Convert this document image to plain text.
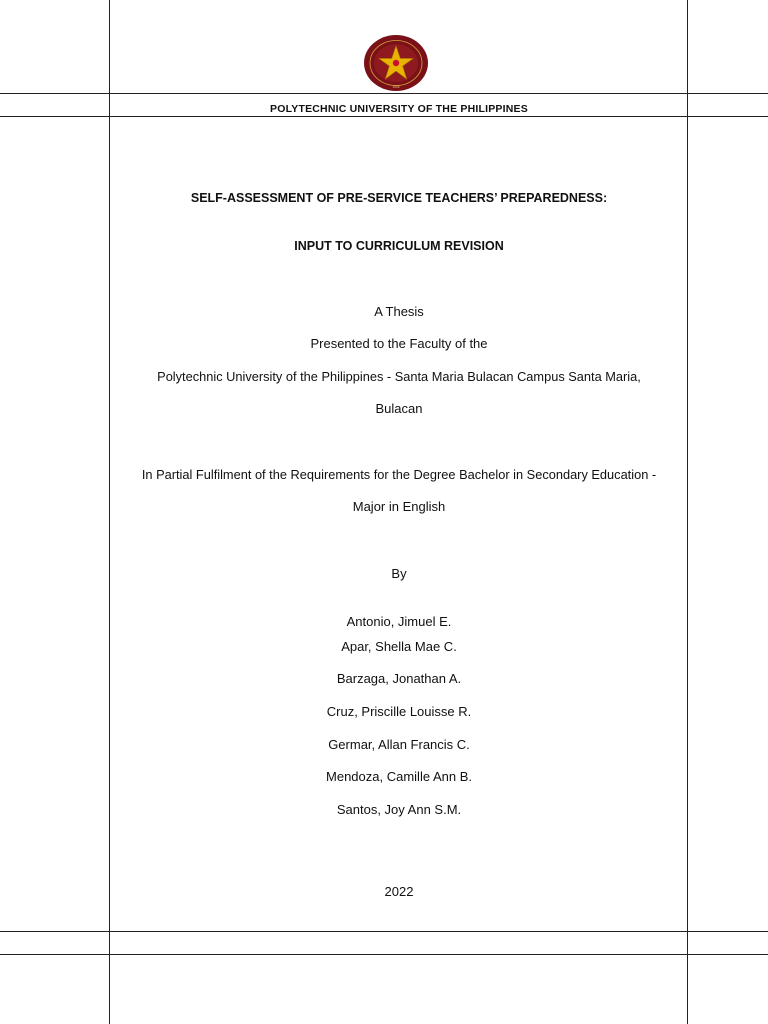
1904
POLYTECHNIC UNIVERSITY OF THE PHILIPPINES
SELF-ASSESSMENT OF PRE-SERVICE TEACHERS’ PREPAREDNESS:
INPUT TO CURRICULUM REVISION
A Thesis
Presented to the Faculty of the
Polytechnic University of the Philippines - Santa Maria Bulacan Campus Santa Maria,
Bulacan
In Partial Fulfilment of the Requirements for the Degree Bachelor in Secondary Education -
Major in English
By
Antonio, Jimuel E.
Apar, Shella Mae C.
Barzaga, Jonathan A.
Cruz, Priscille Louisse R.
Germar, Allan Francis C.
Mendoza, Camille Ann B.
Santos, Joy Ann S.M.
2022
